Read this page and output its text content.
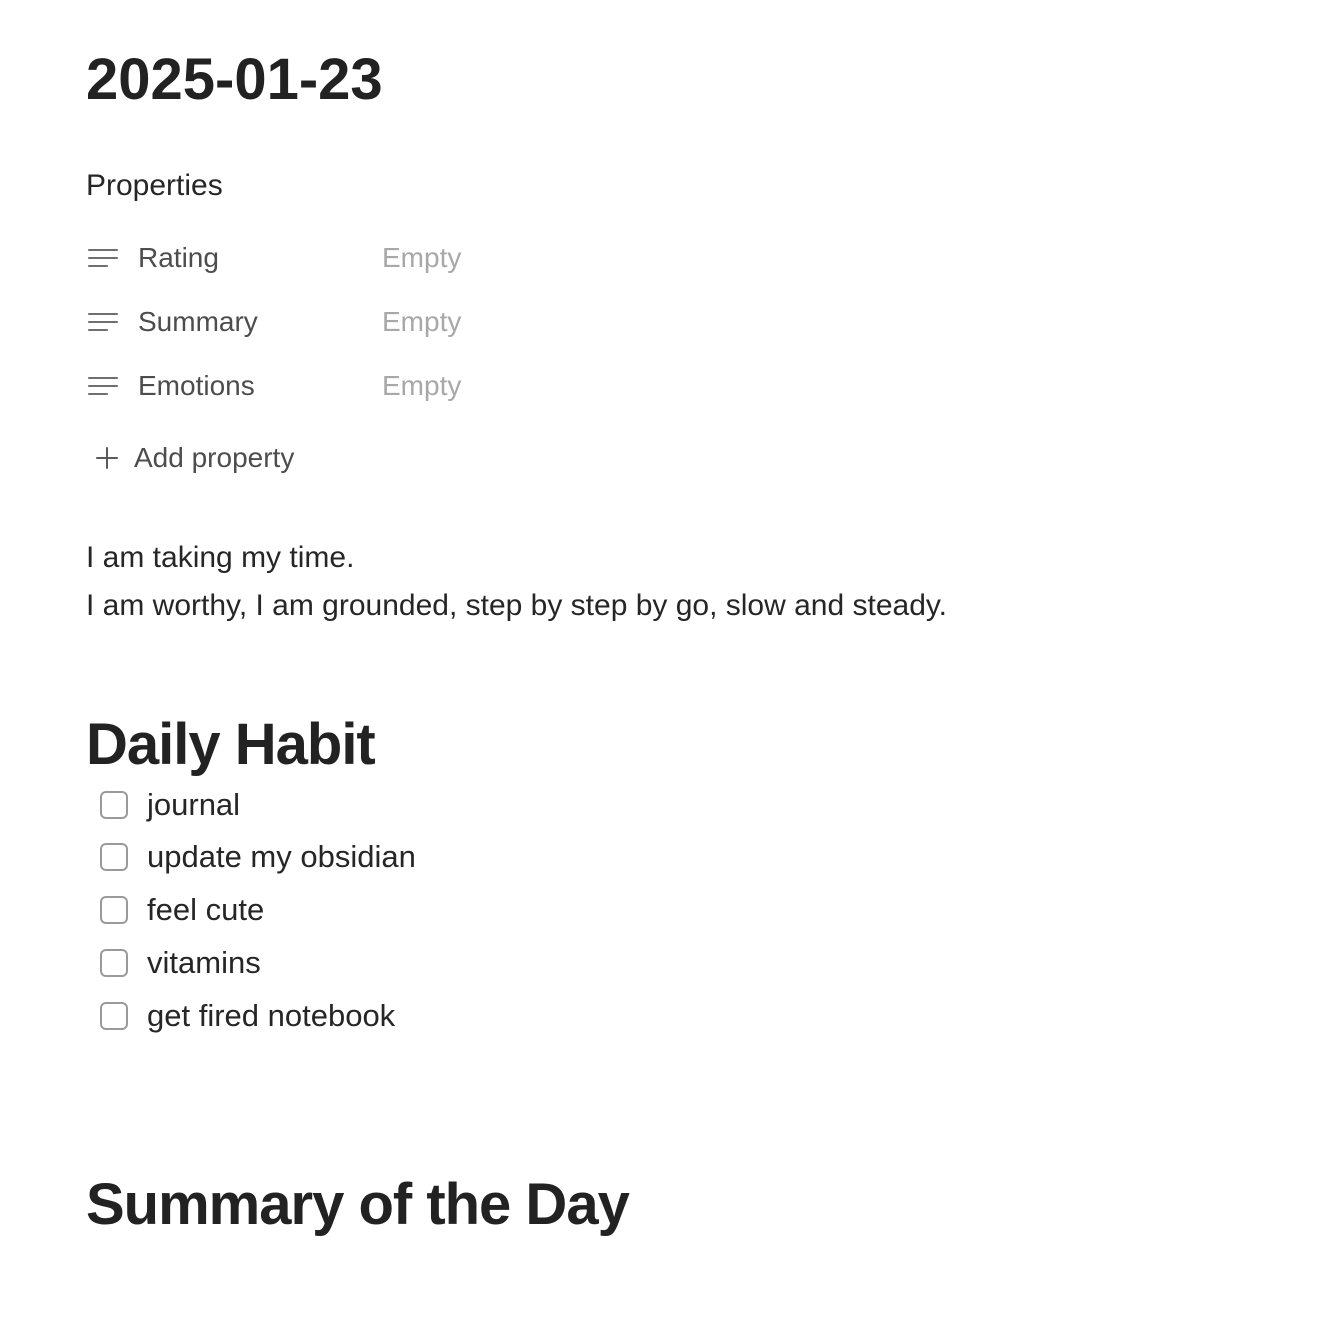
2025-01-23
Properties
Rating	Empty
Summary	Empty
Emotions	Empty
Add property

I am taking my time.

I am worthy, I am grounded, step by step by go, slow and steady.

Daily Habit
journal
update my obsidian
feel cute
vitamins
get fired notebook
Summary of the Day
